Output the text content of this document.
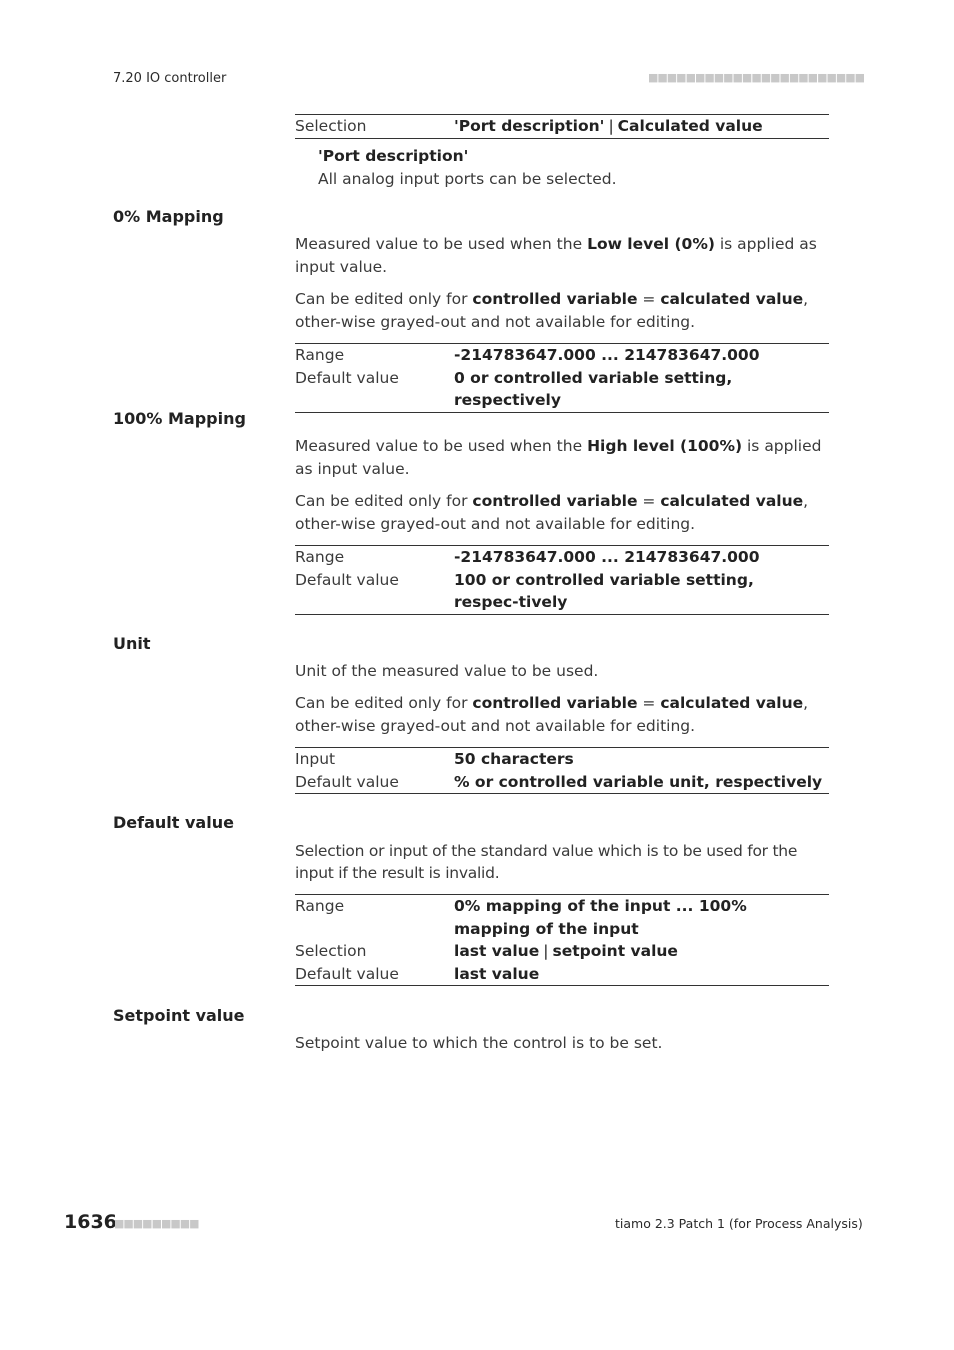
7.20 IO controller	■■■■■■■■■■■■■■■■■■■■■■■
Selection	'Port description' | Calculated value
'Port description'
All analog input ports can be selected.
0% Mapping
Measured value to be used when the Low level (0%) is applied as input value.
Can be edited only for controlled variable = calculated value, other-wise grayed-out and not available for editing.
Range	-214783647.000 ... 214783647.000
Default value	0 or controlled variable setting, respectively
100% Mapping
Measured value to be used when the High level (100%) is applied as input value.
Can be edited only for controlled variable = calculated value, other-wise grayed-out and not available for editing.
Range	-214783647.000 ... 214783647.000
Default value	100 or controlled variable setting, respec-tively
Unit
Unit of the measured value to be used.
Can be edited only for controlled variable = calculated value, other-wise grayed-out and not available for editing.
Input	50 characters
Default value	% or controlled variable unit, respectively
Default value
Selection or input of the standard value which is to be used for the input if the result is invalid.
Range	0% mapping of the input ... 100% mapping of the input
Selection	last value | setpoint value
Default value	last value
Setpoint value
Setpoint value to which the control is to be set.
1636
■■■■■■■■■	tiamo 2.3 Patch 1 (for Process Analysis)
